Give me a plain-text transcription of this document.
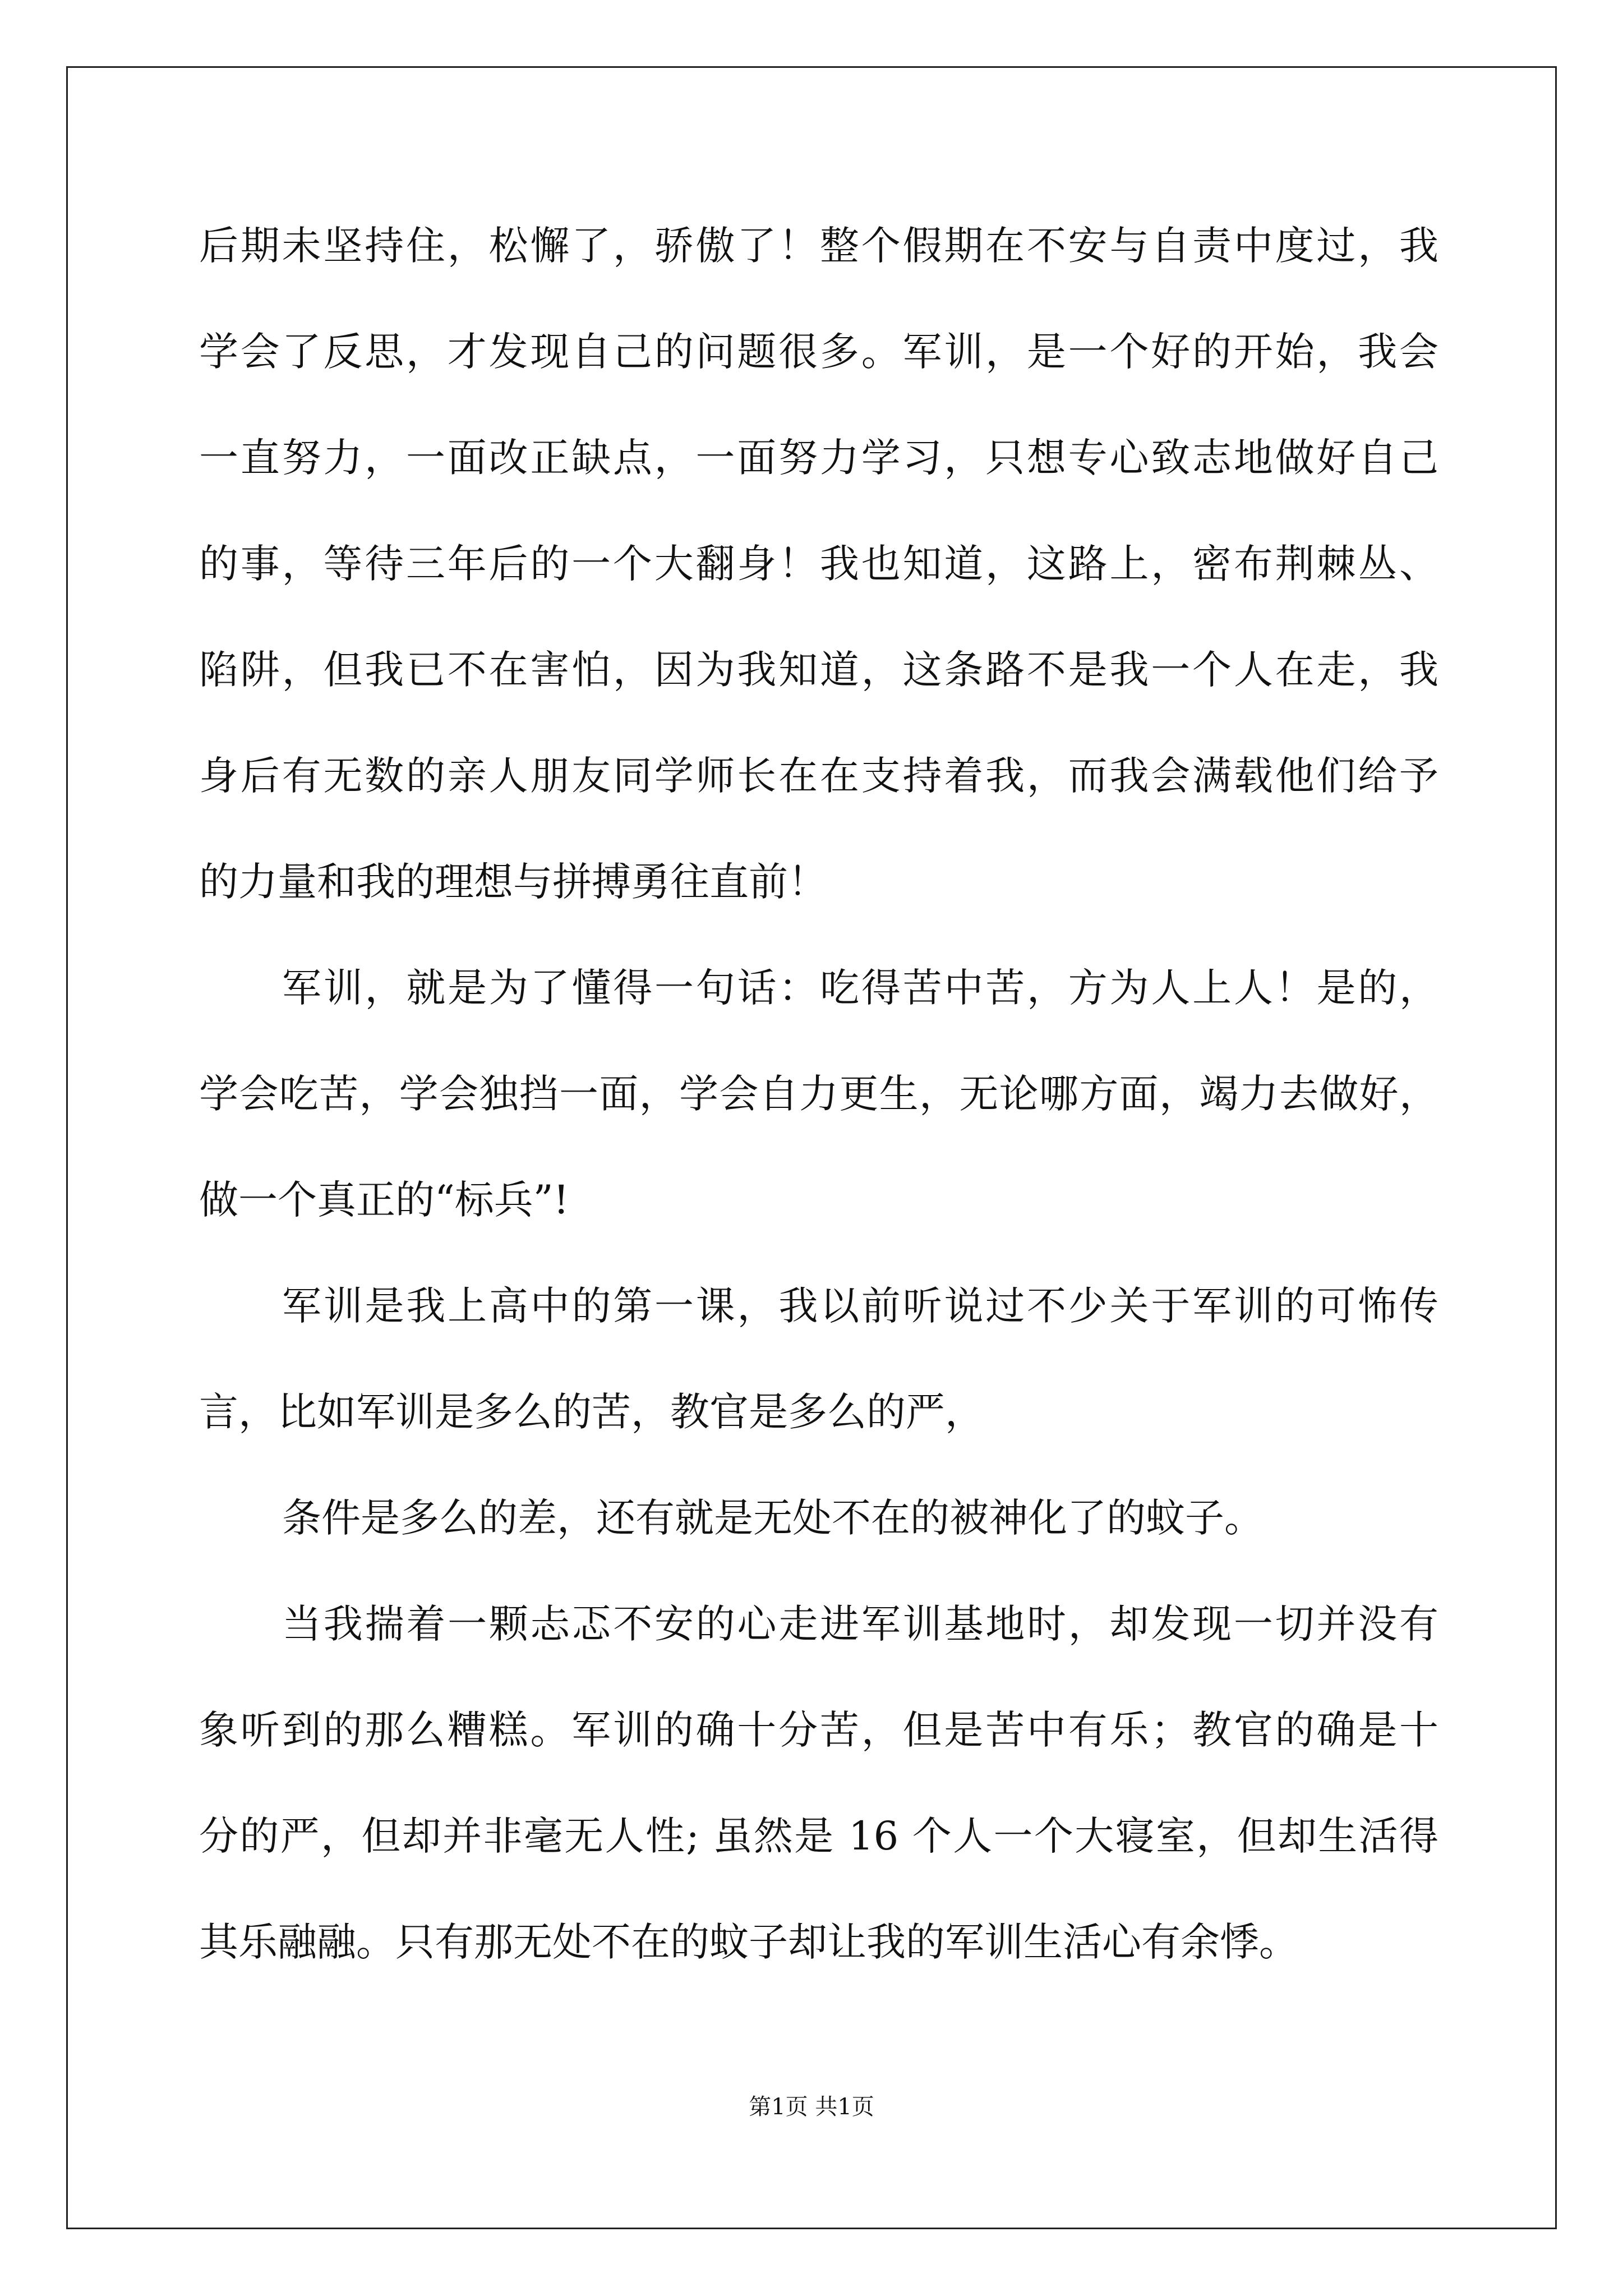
后期未坚持住，松懈了，骄傲了！整个假期在不安与自责中度过，我
学会了反思，才发现自己的问题很多。军训，是一个好的开始，我会
一直努力，一面改正缺点，一面努力学习，只想专心致志地做好自己
的事，等待三年后的一个大翻身！我也知道，这路上，密布荆棘丛、
陷阱，但我已不在害怕，因为我知道，这条路不是我一个人在走，我
身后有无数的亲人朋友同学师长在在支持着我，而我会满载他们给予
的力量和我的理想与拼搏勇往直前！
军训，就是为了懂得一句话：吃得苦中苦，方为人上人！是的，
学会吃苦，学会独挡一面，学会自力更生，无论哪方面，竭力去做好，
做一个真正的“标兵”!
军训是我上高中的第一课，我以前听说过不少关于军训的可怖传
言，比如军训是多么的苦，教官是多么的严，
条件是多么的差，还有就是无处不在的被神化了的蚊子。
当我揣着一颗忐忑不安的心走进军训基地时，却发现一切并没有
象听到的那么糟糕。军训的确十分苦，但是苦中有乐；教官的确是十
分的严，但却并非毫无人性; 虽然是 16 个人一个大寝室，但却生活得
其乐融融。只有那无处不在的蚊子却让我的军训生活心有余悸。
第1页 共1页
